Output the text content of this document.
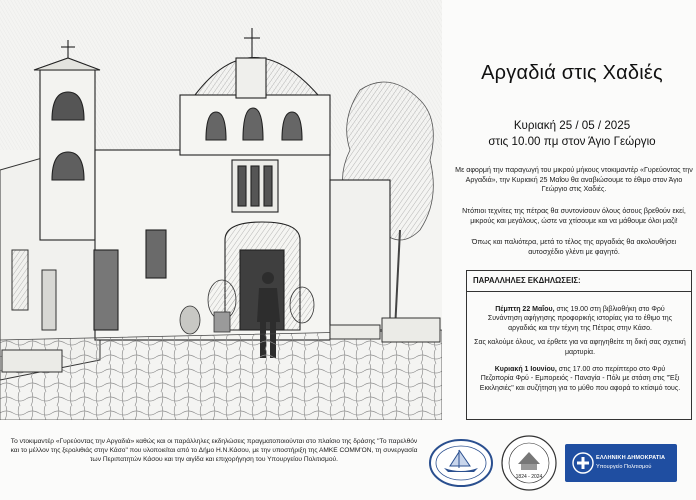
Αργαδιά στις Χαδιές
Κυριακή 25 / 05 / 2025
στις 10.00 πμ στον Άγιο Γεώργιο
Με αφορμή την παραγωγή του μικρού μήκους ντοκιμαντέρ «Γυρεύοντας την Αργαδιά», την Κυριακή 25 Μαΐου θα αναβιώσουμε το έθιμο στον Άγιο Γεώργιο στις Χαδιές.
Ντόπιοι τεχνίτες της πέτρας θα συντονίσουν όλους όσους βρεθούν εκεί, μικρούς και μεγάλους, ώστε να χτίσουμε και να μάθουμε όλοι μαζί!
Όπως και παλιότερα, μετά το τέλος της αργαδιάς θα ακολουθήσει αυτοσχέδιο γλέντι με φαγητό.
ΠΑΡΑΛΛΗΛΕΣ ΕΚΔΗΛΩΣΕΙΣ:
Πέμπτη 22 Μαΐου, στις 19.00 στη βιβλιοθήκη στο Φρύ
Συνάντηση αφήγησης προφορικής ιστορίας για το έθιμο της αργαδιάς και την τέχνη της Πέτρας στην Κάσο.
Σας καλούμε όλους, να έρθετε για να αφηγηθείτε τη δική σας σχετική μαρτυρία.
Κυριακή 1 Ιουνίου, στις 17.00 στο περίπτερο στο Φρύ
Πεζοπορία Φρύ - Εμπορειός - Παναγία - Πόλι με στάση στις "Έξι Εκκλησιές" και συζήτηση για το μύθο που αφορά το κτίσιμό τους.
Το ντοκιμαντέρ «Γυρεύοντας την Αργαδιά» καθώς και οι παράλληλες εκδηλώσεις πραγματοποιούνται στο πλαίσιο της δράσης "Το παρελθόν και το μέλλον της ξερολιθιάς στην Κάσο" που υλοποιείται από το Δήμο Η.Ν.Κάσου, με την υποστήριξη της ΑΜΚΕ COMM'ON, τη συνεργασία των Περιπατητών Κάσου και την αιγίδα και επιχορήγηση του Υπουργείου Πολιτισμού.
1824 - 2024
ΕΛΛΗΝΙΚΗ ΔΗΜΟΚΡΑΤΙΑ
Υπουργείο Πολιτισμού
